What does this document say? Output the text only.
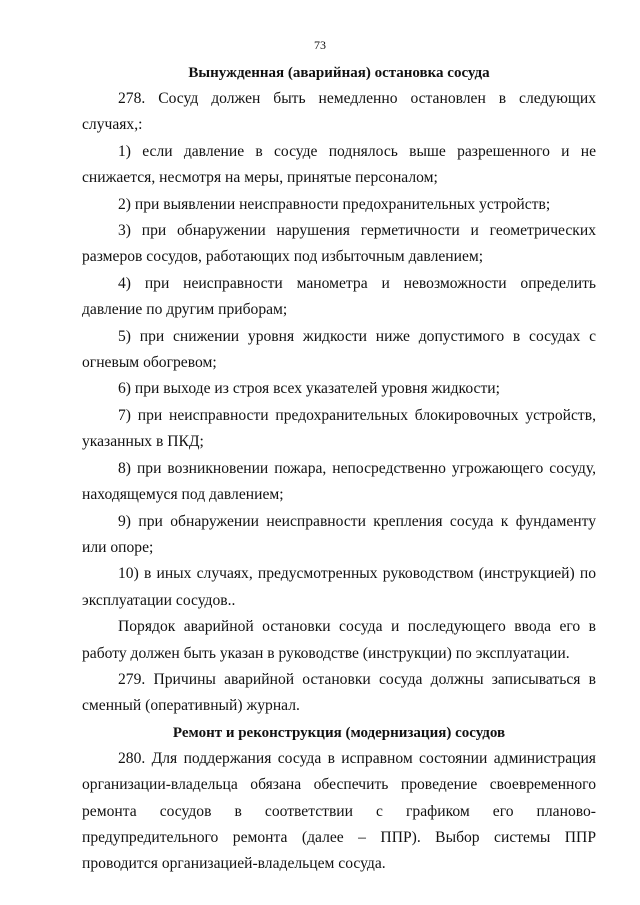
73

Вынужденная (аварийная) остановка сосуда

278. Сосуд должен быть немедленно остановлен в следующих случаях,:

1) если давление в сосуде поднялось выше разрешенного и не снижается, несмотря на меры, принятые персоналом;

2) при выявлении неисправности предохранительных устройств;

3) при обнаружении нарушения герметичности и геометрических размеров сосудов, работающих под избыточным давлением;

4) при неисправности манометра и невозможности определить давление по другим приборам;

5) при снижении уровня жидкости ниже допустимого в сосудах с огневым обогревом;

6) при выходе из строя всех указателей уровня жидкости;

7) при неисправности предохранительных блокировочных устройств, указанных в ПКД;

8) при возникновении пожара, непосредственно угрожающего сосуду, находящемуся под давлением;

9) при обнаружении неисправности крепления сосуда к фундаменту или опоре;

10) в иных случаях, предусмотренных руководством (инструкцией) по эксплуатации сосудов..

Порядок аварийной остановки сосуда и последующего ввода его в работу должен быть указан в руководстве (инструкции) по эксплуатации.

279. Причины аварийной остановки сосуда должны записываться в сменный (оперативный) журнал.

Ремонт и реконструкция (модернизация) сосудов

280. Для поддержания сосуда в исправном состоянии администрация организации-владельца обязана обеспечить проведение своевременного ремонта сосудов в соответствии с графиком его планово-предупредительного ремонта (далее – ППР). Выбор системы ППР проводится организацией-владельцем сосуда.
